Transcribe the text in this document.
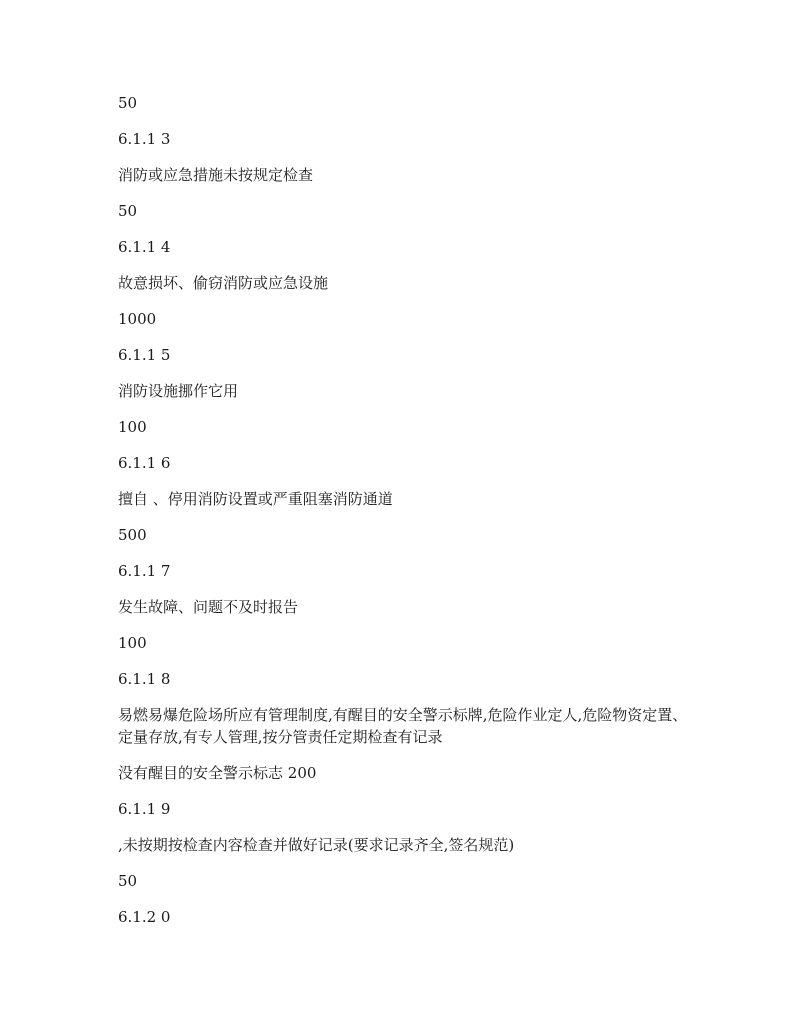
50
6.1.1 3
消防或应急措施未按规定检查
50
6.1.1 4
故意损坏、偷窃消防或应急设施
1000
6.1.1 5
消防设施挪作它用
100
6.1.1 6
擅自 、停用消防设置或严重阻塞消防通道
500
6.1.1 7
发生故障、问题不及时报告
100
6.1.1 8
易燃易爆危险场所应有管理制度,有醒目的安全警示标牌,危险作业定人,危险物资定置、定量存放,有专人管理,按分管责任定期检查有记录
没有醒目的安全警示标志 200
6.1.1 9
,未按期按检查内容检查并做好记录(要求记录齐全,签名规范)
50
6.1.2 0
